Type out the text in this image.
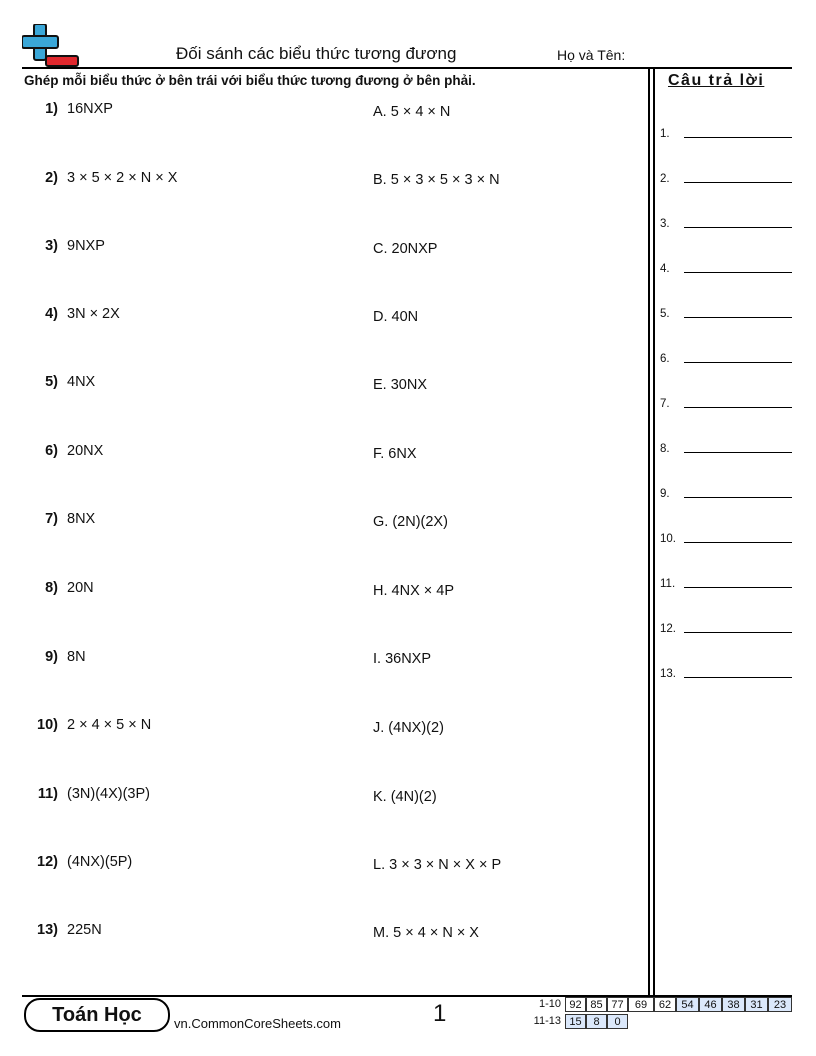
Đối sánh các biểu thức tương đương	Họ và Tên:
Ghép mỗi biểu thức ở bên trái với biểu thức tương đương ở bên phải.
1) 16NXP
2) 3 × 5 × 2 × N × X
3) 9NXP
4) 3N × 2X
5) 4NX
6) 20NX
7) 8NX
8) 20N
9) 8N
10) 2 × 4 × 5 × N
11) (3N)(4X)(3P)
12) (4NX)(5P)
13) 225N
A. 5 × 4 × N
B. 5 × 3 × 5 × 3 × N
C. 20NXP
D. 40N
E. 30NX
F. 6NX
G. (2N)(2X)
H. 4NX × 4P
I. 36NXP
J. (4NX)(2)
K. (4N)(2)
L. 3 × 3 × N × X × P
M. 5 × 4 × N × X
Câu trả lời
1.
2.
3.
4.
5.
6.
7.
8.
9.
10.
11.
12.
13.
Toán Học	vn.CommonCoreSheets.com	1	1-10 92 85 77	69	62 54 46 38 31	23
11-13 15	8	0
